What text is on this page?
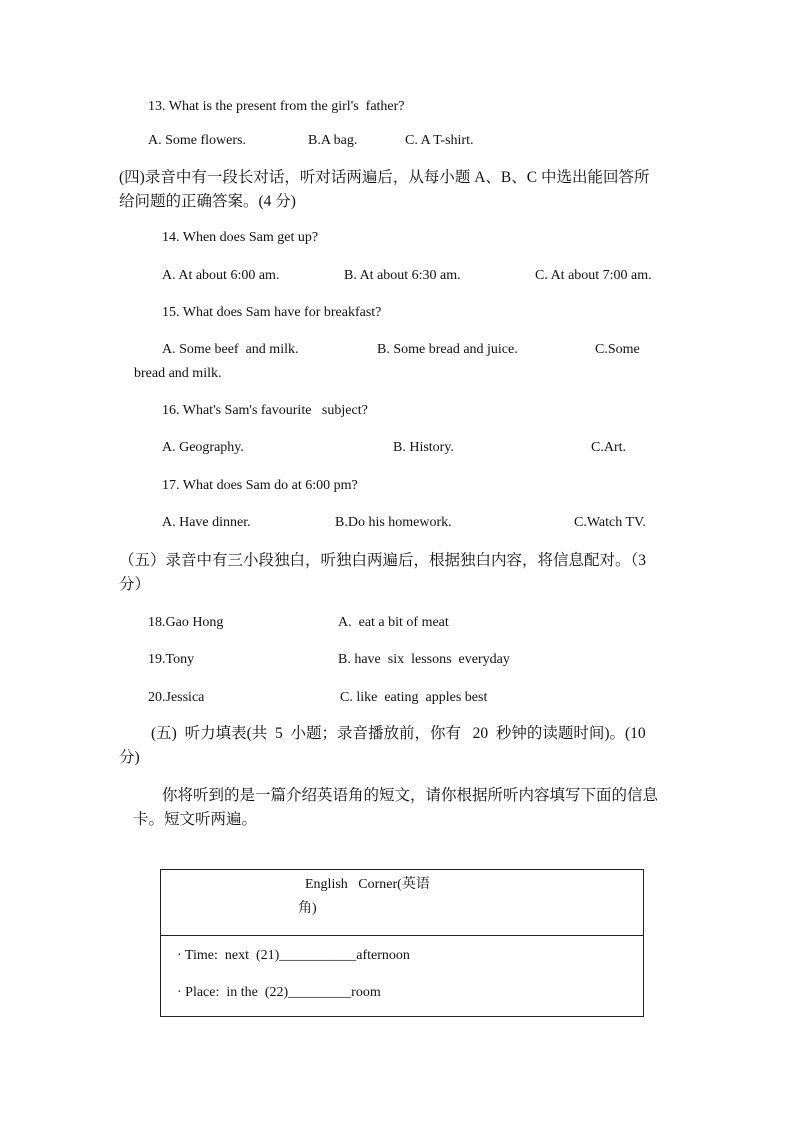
13. What is the present from the girl's  father?
A. Some flowers.	B.A bag.	C. A T-shirt.
(四)录音中有一段长对话，听对话两遍后，从每小题 A、B、C 中选出能回答所
给问题的正确答案。(4 分)
14. When does Sam get up?
A. At about 6:00 am.	B. At about 6:30 am.	C. At about 7:00 am.
15. What does Sam have for breakfast?
A. Some beef  and milk.	B. Some bread and juice.	C.Some
bread and milk.
16. What's Sam's favourite   subject?
A. Geography.	B. History.	C.Art.
17. What does Sam do at 6:00 pm?
A. Have dinner.	B.Do his homework.	C.Watch TV.
（五）录音中有三小段独白，听独白两遍后，根据独白内容，将信息配对。（3
分）
18.Gao Hong	A.  eat a bit of meat
19.Tony	B. have  six  lessons  everyday
20.Jessica	C. like  eating  apples best
(五)  听力填表(共  5  小题；录音播放前，你有   20  秒钟的读题时间)。(10
分)
你将听到的是一篇介绍英语角的短文，请你根据所听内容填写下面的信息
卡。短文听两遍。
English   Corner(英语
角)
· Time:  next  (21)___________afternoon
· Place:  in the  (22)_________room
